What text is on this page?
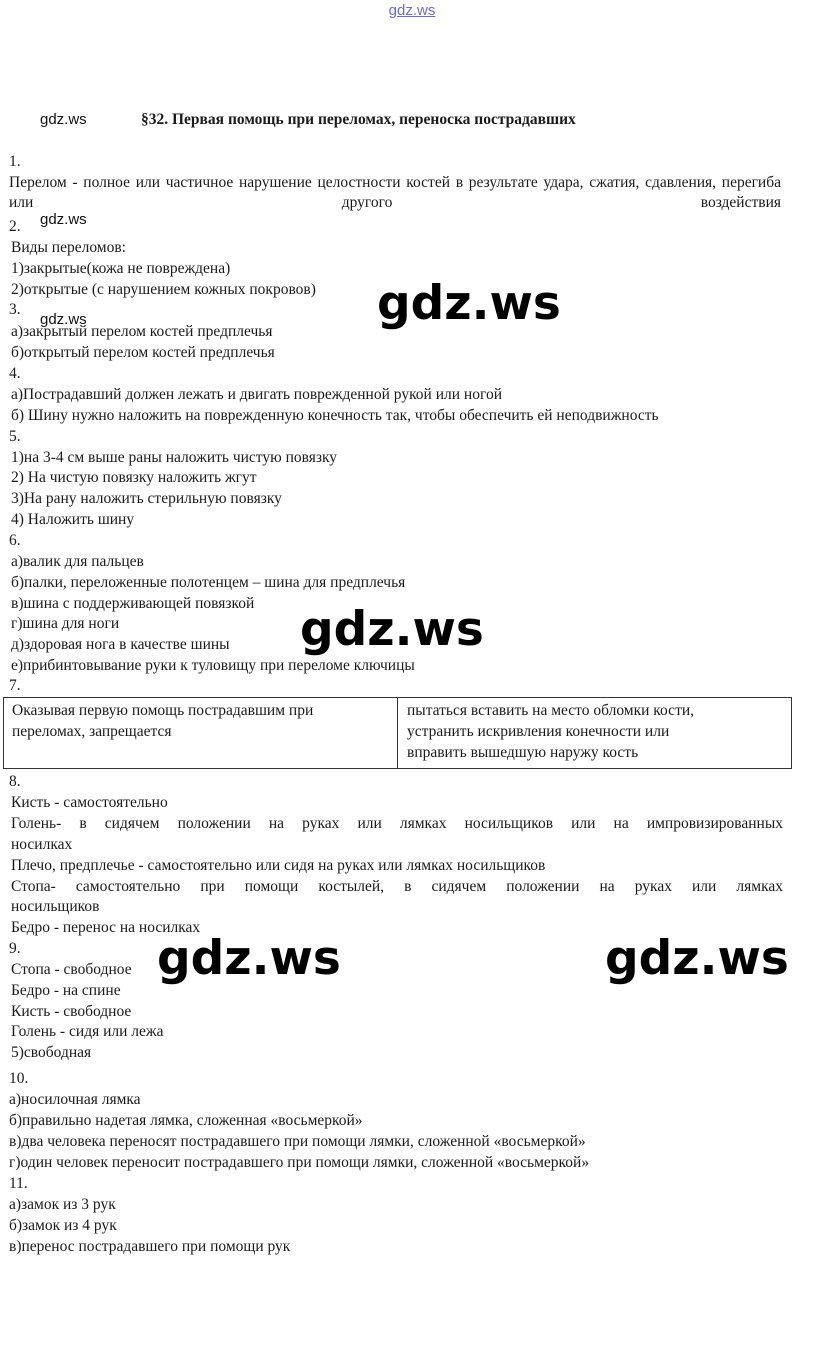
gdz.ws
gdz.ws	§32. Первая помощь при переломах, переноска пострадавших
1.
Перелом - полное или частичное нарушение целостности костей в результате удара, сжатия, сдавления, перегиба или другого воздействия
2. gdz.ws
Виды переломов:
1)закрытые(кожа не повреждена)
2)открытые (с нарушением кожных покровов)
3.
gdz.ws
а)закрытый перелом костей предплечья
б)открытый перелом костей предплечья
4.
а)Пострадавший должен лежать и двигать поврежденной рукой или ногой
б) Шину нужно наложить на поврежденную конечность так, чтобы обеспечить ей неподвижность
5.
1)на 3-4 см выше раны наложить чистую повязку
2) На чистую повязку наложить жгут
3)На рану наложить стерильную повязку
4) Наложить шину
6.
а)валик для пальцев
б)палки, переложенные полотенцем – шина для предплечья
в)шина с поддерживающей повязкой
г)шина для ноги
д)здоровая нога в качестве шины
е)прибинтовывание руки к туловищу при переломе ключицы
7.
Оказывая первую помощь пострадавшим при
переломах, запрещается
пытаться вставить на место обломки кости,
устранить искривления конечности или
вправить вышедшую наружу кость
8.
Кисть - самостоятельно
Голень- в сидячем положении на руках или лямках носильщиков или на импровизированных
носилках
Плечо, предплечье - самостоятельно или сидя на руках или лямках носильщиков
Стопа- самостоятельно при помощи костылей, в сидячем положении на руках или лямках
носильщиков
Бедро - перенос на носилках
9.
Стопа - свободное
Бедро - на спине
Кисть - свободное
Голень - сидя или лежа
5)свободная
10.
а)носилочная лямка
б)правильно надетая лямка, сложенная «восьмеркой»
в)два человека переносят пострадавшего при помощи лямки, сложенной «восьмеркой»
г)один человек переносит пострадавшего при помощи лямки, сложенной «восьмеркой»
11.
а)замок из 3 рук
б)замок из 4 рук
в)перенос пострадавшего при помощи рук
gdz.ws
gdz.ws
gdz.ws	gdz.ws
